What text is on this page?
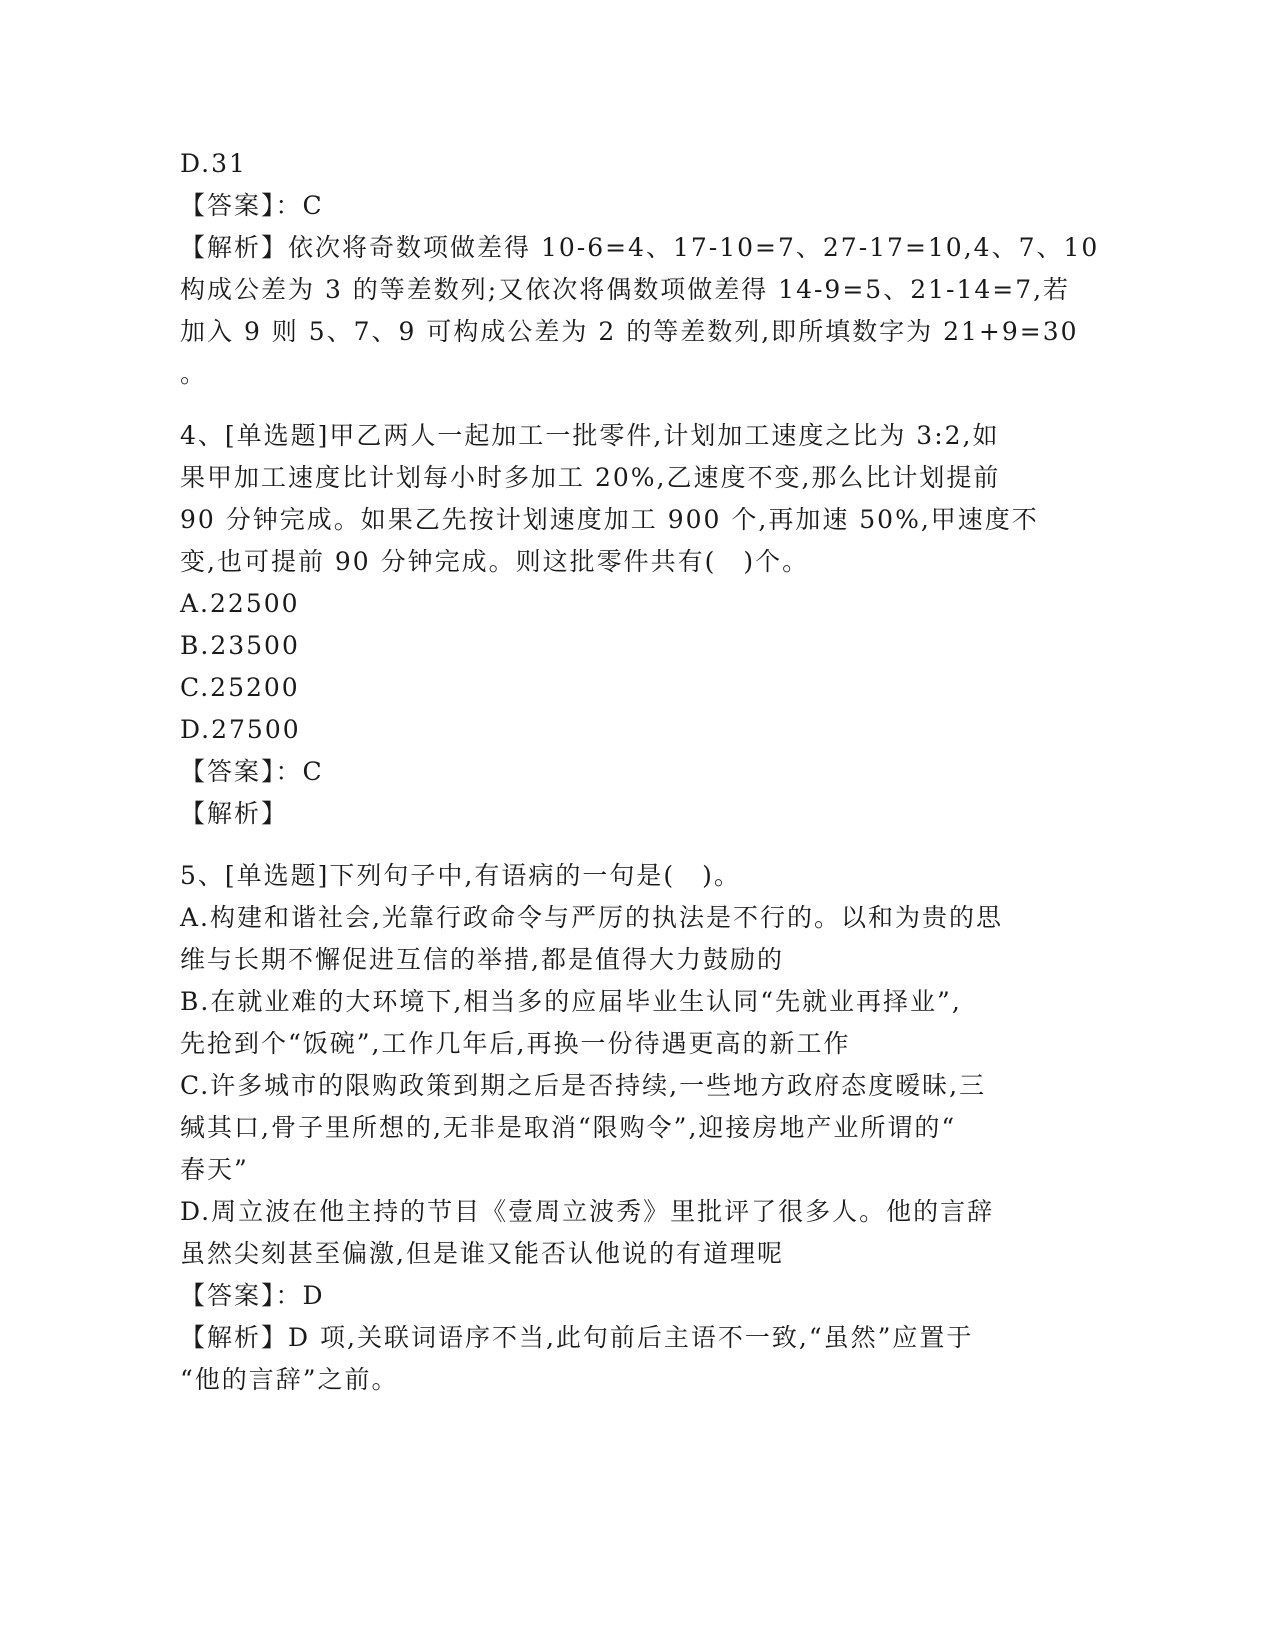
D.31
【答案】：C
【解析】依次将奇数项做差得 10-6=4、17-10=7、27-17=10,4、7、10
构成公差为 3 的等差数列;又依次将偶数项做差得 14-9=5、21-14=7,若
加入 9 则 5、7、9 可构成公差为 2 的等差数列,即所填数字为 21+9=30
。
4、[单选题]甲乙两人一起加工一批零件,计划加工速度之比为 3:2,如
果甲加工速度比计划每小时多加工 20%,乙速度不变,那么比计划提前
90 分钟完成。如果乙先按计划速度加工 900 个,再加速 50%,甲速度不
变,也可提前 90 分钟完成。则这批零件共有(　)个。
A.22500
B.23500
C.25200
D.27500
【答案】：C
【解析】
5、[单选题]下列句子中,有语病的一句是(　)。
A.构建和谐社会,光靠行政命令与严厉的执法是不行的。以和为贵的思
维与长期不懈促进互信的举措,都是值得大力鼓励的
B.在就业难的大环境下,相当多的应届毕业生认同“先就业再择业”,
先抢到个“饭碗”,工作几年后,再换一份待遇更高的新工作
C.许多城市的限购政策到期之后是否持续,一些地方政府态度暧昧,三
缄其口,骨子里所想的,无非是取消“限购令”,迎接房地产业所谓的“
春天”
D.周立波在他主持的节目《壹周立波秀》里批评了很多人。他的言辞
虽然尖刻甚至偏激,但是谁又能否认他说的有道理呢
【答案】：D
【解析】D 项,关联词语序不当,此句前后主语不一致,“虽然”应置于
“他的言辞”之前。
